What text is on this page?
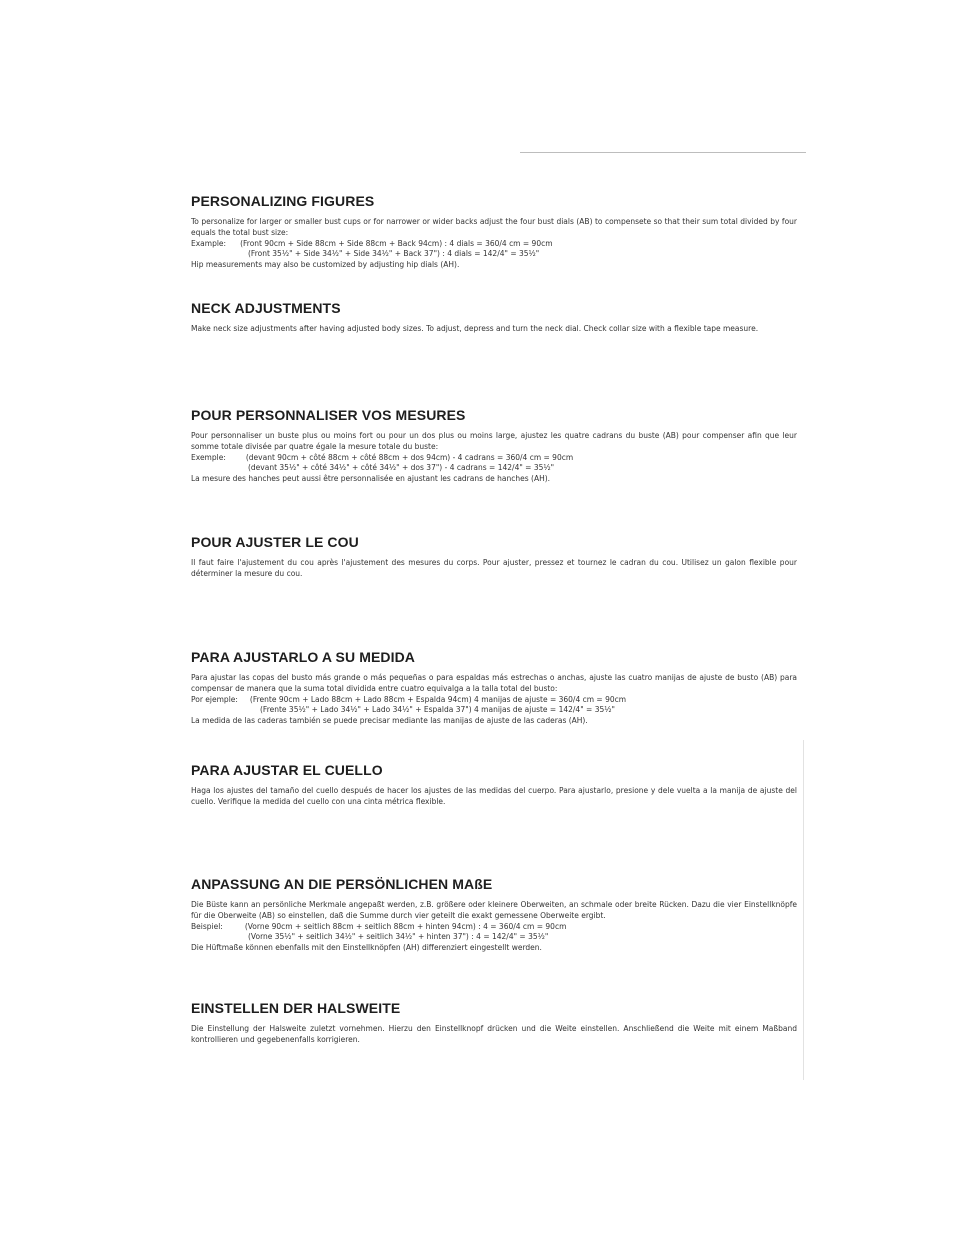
PERSONALIZING FIGURES

To personalize for larger or smaller bust cups or for narrower or wider backs adjust the four bust dials (AB) to compensete so that their sum total divided by four equals the total bust size:

Example:	(Front 90cm + Side 88cm + Side 88cm + Back 94cm) : 4 dials = 360/4 cm = 90cm

(Front 35½" + Side 34½" + Side 34½" + Back 37") : 4 dials = 142/4" = 35½"

Hip measurements may also be customized by adjusting hip dials (AH).

NECK ADJUSTMENTS

Make neck size adjustments after having adjusted body sizes. To adjust, depress and turn the neck dial. Check collar size with a flexible tape measure.

POUR PERSONNALISER VOS MESURES

Pour personnaliser un buste plus ou moins fort ou pour un dos plus ou moins large, ajustez les quatre cadrans du buste (AB) pour compenser afin que leur somme totale divisée par quatre égale la mesure totale du buste:

Exemple:	(devant 90cm + côté 88cm + côté 88cm + dos 94cm) - 4 cadrans = 360/4 cm = 90cm

(devant 35½" + côté 34½" + côté 34½" + dos 37") - 4 cadrans = 142/4" = 35½"

La mesure des hanches peut aussi être personnalisée en ajustant les cadrans de hanches (AH).

POUR AJUSTER LE COU

Il faut faire l'ajustement du cou après l'ajustement des mesures du corps. Pour ajuster, pressez et tournez le cadran du cou. Utilisez un galon flexible pour déterminer la mesure du cou.

PARA AJUSTARLO A SU MEDIDA

Para ajustar las copas del busto más grande o más pequeñas o para espaldas más estrechas o anchas, ajuste las cuatro manijas de ajuste de busto (AB) para compensar de manera que la suma total dividida entre cuatro equivalga a la talla total del busto:

Por ejemple:	(Frente 90cm + Lado 88cm + Lado 88cm + Espalda 94cm) 4 manijas de ajuste = 360/4 cm = 90cm

(Frente 35½" + Lado 34½" + Lado 34½" + Espalda 37") 4 manijas de ajuste = 142/4" = 35½"

La medida de las caderas también se puede precisar mediante las manijas de ajuste de las caderas (AH).

PARA AJUSTAR EL CUELLO

Haga los ajustes del tamaño del cuello después de hacer los ajustes de las medidas del cuerpo. Para ajustarlo, presione y dele vuelta a la manija de ajuste del cuello. Verifique la medida del cuello con una cinta métrica flexible.

ANPASSUNG AN DIE PERSÖNLICHEN MAßE

Die Büste kann an persönliche Merkmale angepaßt werden, z.B. größere oder kleinere Oberweiten, an schmale oder breite Rücken. Dazu die vier Einstellknöpfe für die Oberweite (AB) so einstellen, daß die Summe durch vier geteilt die exakt gemessene Oberweite ergibt.

Beispiel:	(Vorne 90cm + seitlich 88cm + seitlich 88cm + hinten 94cm) : 4 = 360/4 cm = 90cm

(Vorne 35½" + seitlich 34½" + seitlich 34½" + hinten 37") : 4 = 142/4" = 35½"

Die Hüftmaße können ebenfalls mit den Einstellknöpfen (AH) differenziert eingestellt werden.

EINSTELLEN DER HALSWEITE

Die Einstellung der Halsweite zuletzt vornehmen. Hierzu den Einstellknopf drücken und die Weite einstellen. Anschließend die Weite mit einem Maßband kontrollieren und gegebenenfalls korrigieren.
